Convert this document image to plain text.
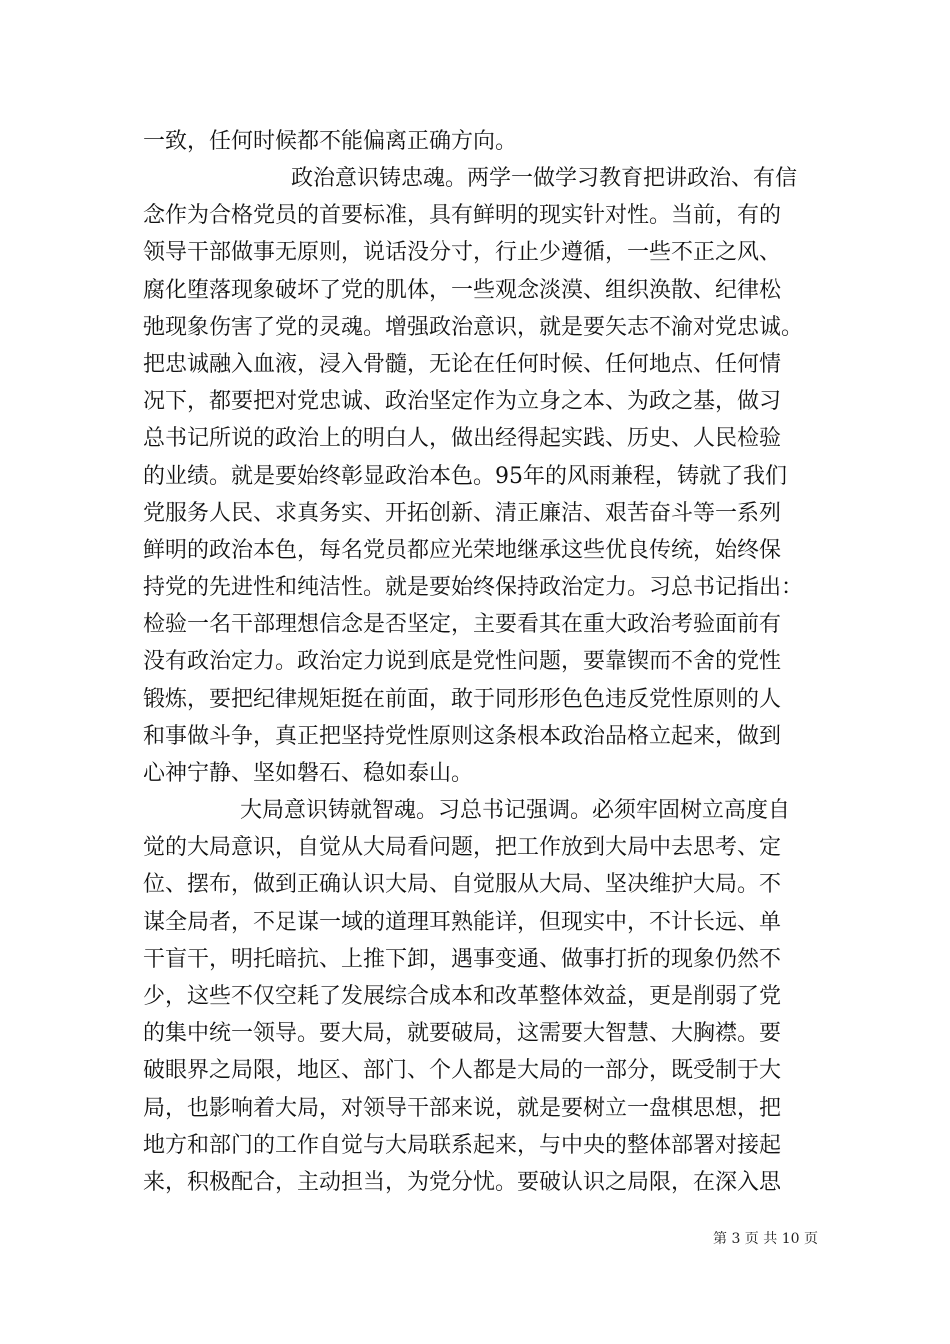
一致，任何时候都不能偏离正确方向。
政治意识铸忠魂。两学一做学习教育把讲政治、有信
念作为合格党员的首要标准，具有鲜明的现实针对性。当前，有的
领导干部做事无原则，说话没分寸，行止少遵循，一些不正之风、
腐化堕落现象破坏了党的肌体，一些观念淡漠、组织涣散、纪律松
弛现象伤害了党的灵魂。增强政治意识，就是要矢志不渝对党忠诚。
把忠诚融入血液，浸入骨髓，无论在任何时候、任何地点、任何情
况下，都要把对党忠诚、政治坚定作为立身之本、为政之基，做习
总书记所说的政治上的明白人，做出经得起实践、历史、人民检验
的业绩。就是要始终彰显政治本色。95年的风雨兼程，铸就了我们
党服务人民、求真务实、开拓创新、清正廉洁、艰苦奋斗等一系列
鲜明的政治本色，每名党员都应光荣地继承这些优良传统，始终保
持党的先进性和纯洁性。就是要始终保持政治定力。习总书记指出：
检验一名干部理想信念是否坚定，主要看其在重大政治考验面前有
没有政治定力。政治定力说到底是党性问题，要靠锲而不舍的党性
锻炼，要把纪律规矩挺在前面，敢于同形形色色违反党性原则的人
和事做斗争，真正把坚持党性原则这条根本政治品格立起来，做到
心神宁静、坚如磐石、稳如泰山。
大局意识铸就智魂。习总书记强调。必须牢固树立高度自
觉的大局意识，自觉从大局看问题，把工作放到大局中去思考、定
位、摆布，做到正确认识大局、自觉服从大局、坚决维护大局。不
谋全局者，不足谋一域的道理耳熟能详，但现实中，不计长远、单
干盲干，明托暗抗、上推下卸，遇事变通、做事打折的现象仍然不
少，这些不仅空耗了发展综合成本和改革整体效益，更是削弱了党
的集中统一领导。要大局，就要破局，这需要大智慧、大胸襟。要
破眼界之局限，地区、部门、个人都是大局的一部分，既受制于大
局，也影响着大局，对领导干部来说，就是要树立一盘棋思想，把
地方和部门的工作自觉与大局联系起来，与中央的整体部署对接起
来，积极配合，主动担当，为党分忧。要破认识之局限，在深入思
第 3 页 共 10 页
